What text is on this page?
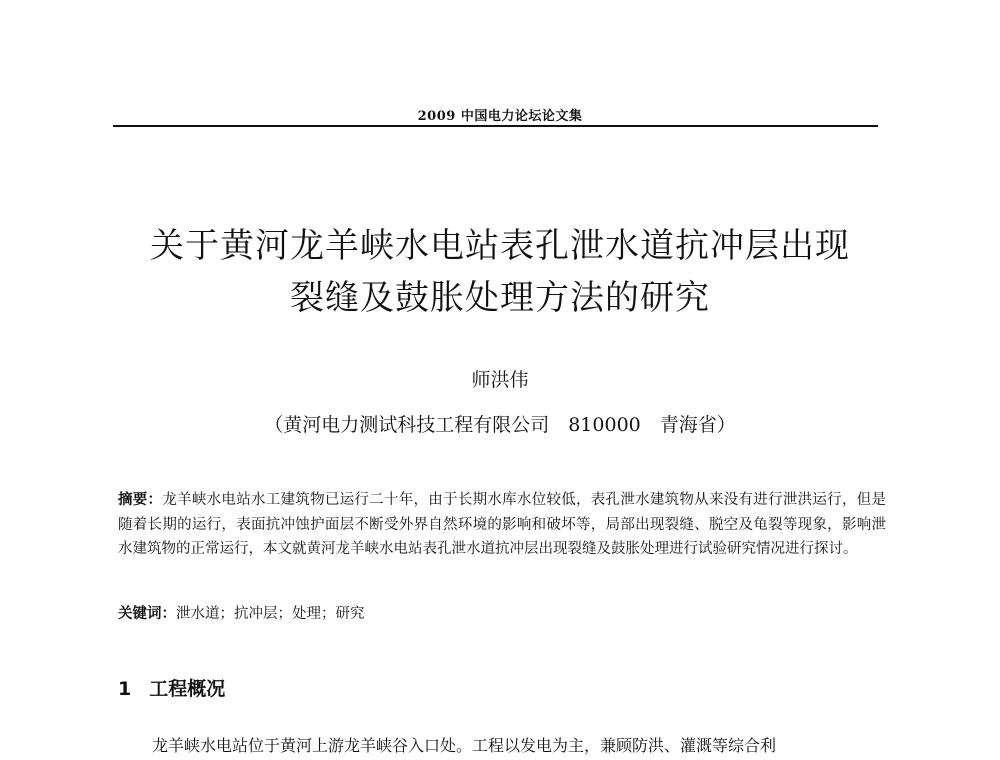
2009 中国电力论坛论文集
关于黄河龙羊峡水电站表孔泄水道抗冲层出现
裂缝及鼓胀处理方法的研究
师洪伟
（黄河电力测试科技工程有限公司　810000　青海省）
摘要：龙羊峡水电站水工建筑物已运行二十年，由于长期水库水位较低，表孔泄水建筑物从来没有进行泄洪运行，但是随着长期的运行，表面抗冲蚀护面层不断受外界自然环境的影响和破坏等，局部出现裂缝、脱空及龟裂等现象，影响泄水建筑物的正常运行，本文就黄河龙羊峡水电站表孔泄水道抗冲层出现裂缝及鼓胀处理进行试验研究情况进行探讨。
关键词：泄水道；抗冲层；处理；研究
1 工程概况
龙羊峡水电站位于黄河上游龙羊峡谷入口处。工程以发电为主，兼顾防洪、灌溉等综合利
